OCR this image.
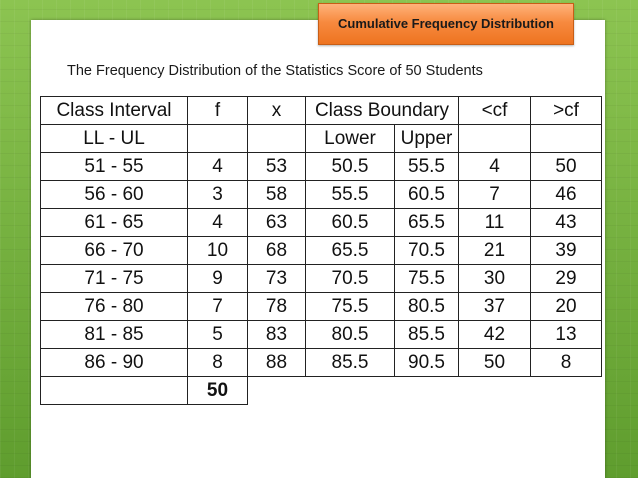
Cumulative Frequency Distribution
The Frequency Distribution of the Statistics Score of 50 Students
Class Interval	f	x	Class Boundary		<cf	>cf
LL - UL			Lower	Upper		
51 - 55	4	53	50.5	55.5	4	50
56 - 60	3	58	55.5	60.5	7	46
61 - 65	4	63	60.5	65.5	11	43
66 - 70	10	68	65.5	70.5	21	39
71 - 75	9	73	70.5	75.5	30	29
76 - 80	7	78	75.5	80.5	37	20
81 - 85	5	83	80.5	85.5	42	13
86 - 90	8	88	85.5	90.5	50	8
	50					
